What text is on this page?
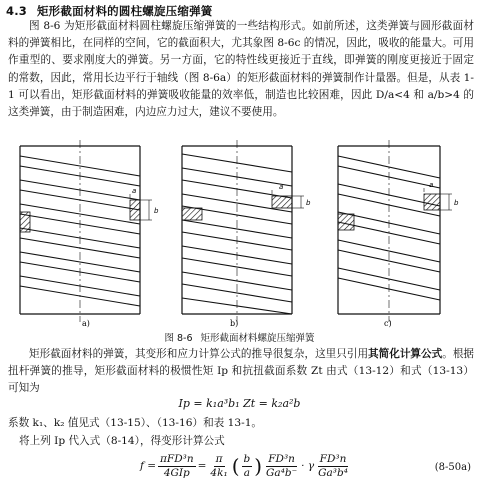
4.3 矩形截面材料的圆柱螺旋压缩弹簧
图 8-6 为矩形截面材料圆柱螺旋压缩弹簧的一些结构形式。如前所述，这类弹簧与圆形截面材料的弹簧相比，在同样的空间，它的截面积大，尤其象图 8-6c 的情况，因此，吸收的能量大。可用作重型的、要求刚度大的弹簧。另一方面，它的特性线更接近于直线，即弹簧的刚度更接近于固定的常数，因此，常用长边平行于轴线（图 8-6a）的矩形截面材料的弹簧制作计量器。但是，从表 1-1 可以看出，矩形截面材料的弹簧吸收能量的效率低，制造也比较困难，因此 D/a<4 和 a/b>4 的这类弹簧，由于制造困难，内边应力过大，建议不要使用。
b
a
b
a
b
a
a)	b)	c)
图 8-6 矩形截面材料螺旋压缩弹簧
矩形截面材料的弹簧，其变形和应力计算公式的推导很复杂，这里只引用其简化计算公式。根据扭杆弹簧的推导，矩形截面材料的极惯性矩 Ip 和抗扭截面系数 Zt 由式（13-12）和式（13-13）可知为
Ip = k₁a³b₁ Zt = k₂a²b
系数 k₁、k₂ 值见式（13-15）、（13-16）和表 13-1。
将上列 Ip 代入式（8-14），得变形计算公式
$f = \frac{\text{πFD³n}}{\text{4GIp}} = \frac{\pi}{\text{4k₁}}$ ( $\frac{b}{a}$ ) $\frac{\text{FD³n}}{\text{Ga⁴b⁻}} \cdot \gamma \frac{\text{FD³n}}{\text{Ga³b⁴}}$	(8-50a)
